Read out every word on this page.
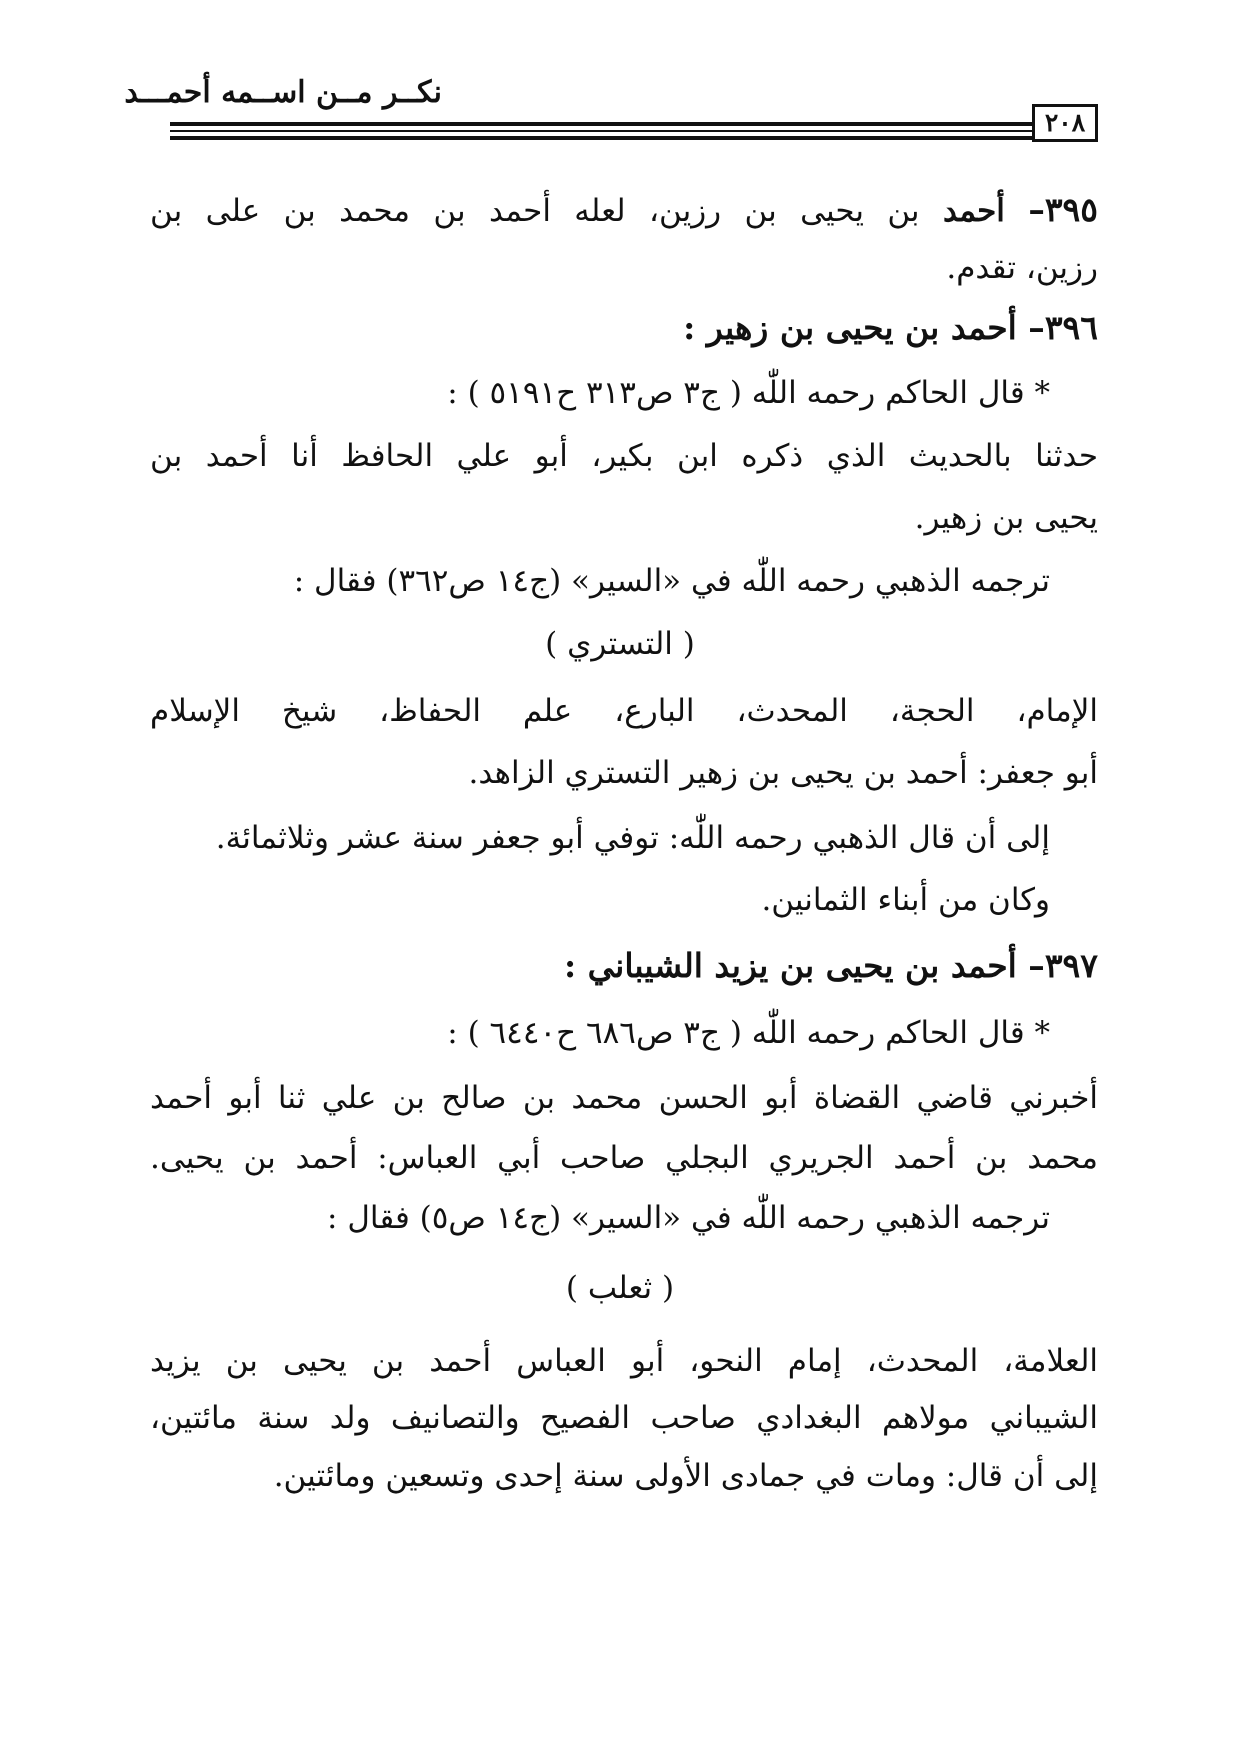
نكــر مــن اســمه أحمـــد
٢٠٨
٣٩٥– أحمد بن يحيى بن رزين، لعله أحمد بن محمد بن على بن
رزين، تقدم.
٣٩٦– أحمد بن يحيى بن زهير :
* قال الحاكم رحمه اللّٰه ( ج٣ ص٣١٣ ح٥١٩١ ) :
حدثنا بالحديث الذي ذكره ابن بكير، أبو علي الحافظ أنا أحمد بن
يحيى بن زهير.
ترجمه الذهبي رحمه اللّٰه في «السير» (ج١٤ ص٣٦٢) فقال :
( التستري )
الإمام، الحجة، المحدث، البارع، علم الحفاظ، شيخ الإسلام
أبو جعفر: أحمد بن يحيى بن زهير التستري الزاهد.
إلى أن قال الذهبي رحمه اللّٰه: توفي أبو جعفر سنة عشر وثلاثمائة.
وكان من أبناء الثمانين.
٣٩٧– أحمد بن يحيى بن يزيد الشيباني :
* قال الحاكم رحمه اللّٰه ( ج٣ ص٦٨٦ ح٦٤٤٠ ) :
أخبرني قاضي القضاة أبو الحسن محمد بن صالح بن علي ثنا أبو أحمد
محمد بن أحمد الجريري البجلي صاحب أبي العباس: أحمد بن يحيى.
ترجمه الذهبي رحمه اللّٰه في «السير» (ج١٤ ص٥) فقال :
( ثعلب )
العلامة، المحدث، إمام النحو، أبو العباس أحمد بن يحيى بن يزيد
الشيباني مولاهم البغدادي صاحب الفصيح والتصانيف ولد سنة مائتين،
إلى أن قال: ومات في جمادى الأولى سنة إحدى وتسعين ومائتين.
